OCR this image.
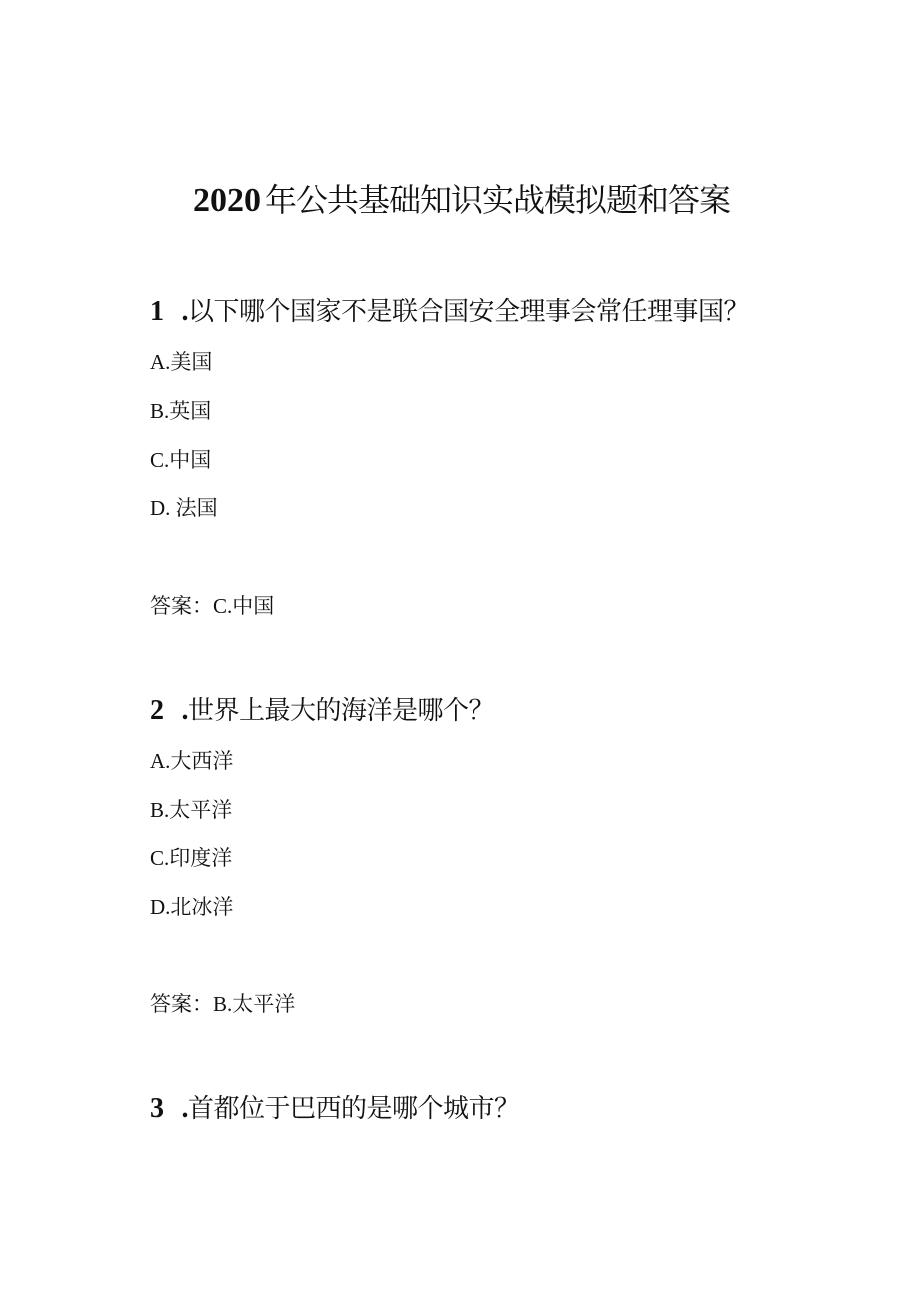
2020 年公共基础知识实战模拟题和答案
1 .以下哪个国家不是联合国安全理事会常任理事国？
A.美国
B.英国
C.中国
D. 法国
答案：C.中国
2 .世界上最大的海洋是哪个？
A.大西洋
B.太平洋
C.印度洋
D.北冰洋
答案：B.太平洋
3 .首都位于巴西的是哪个城市？
